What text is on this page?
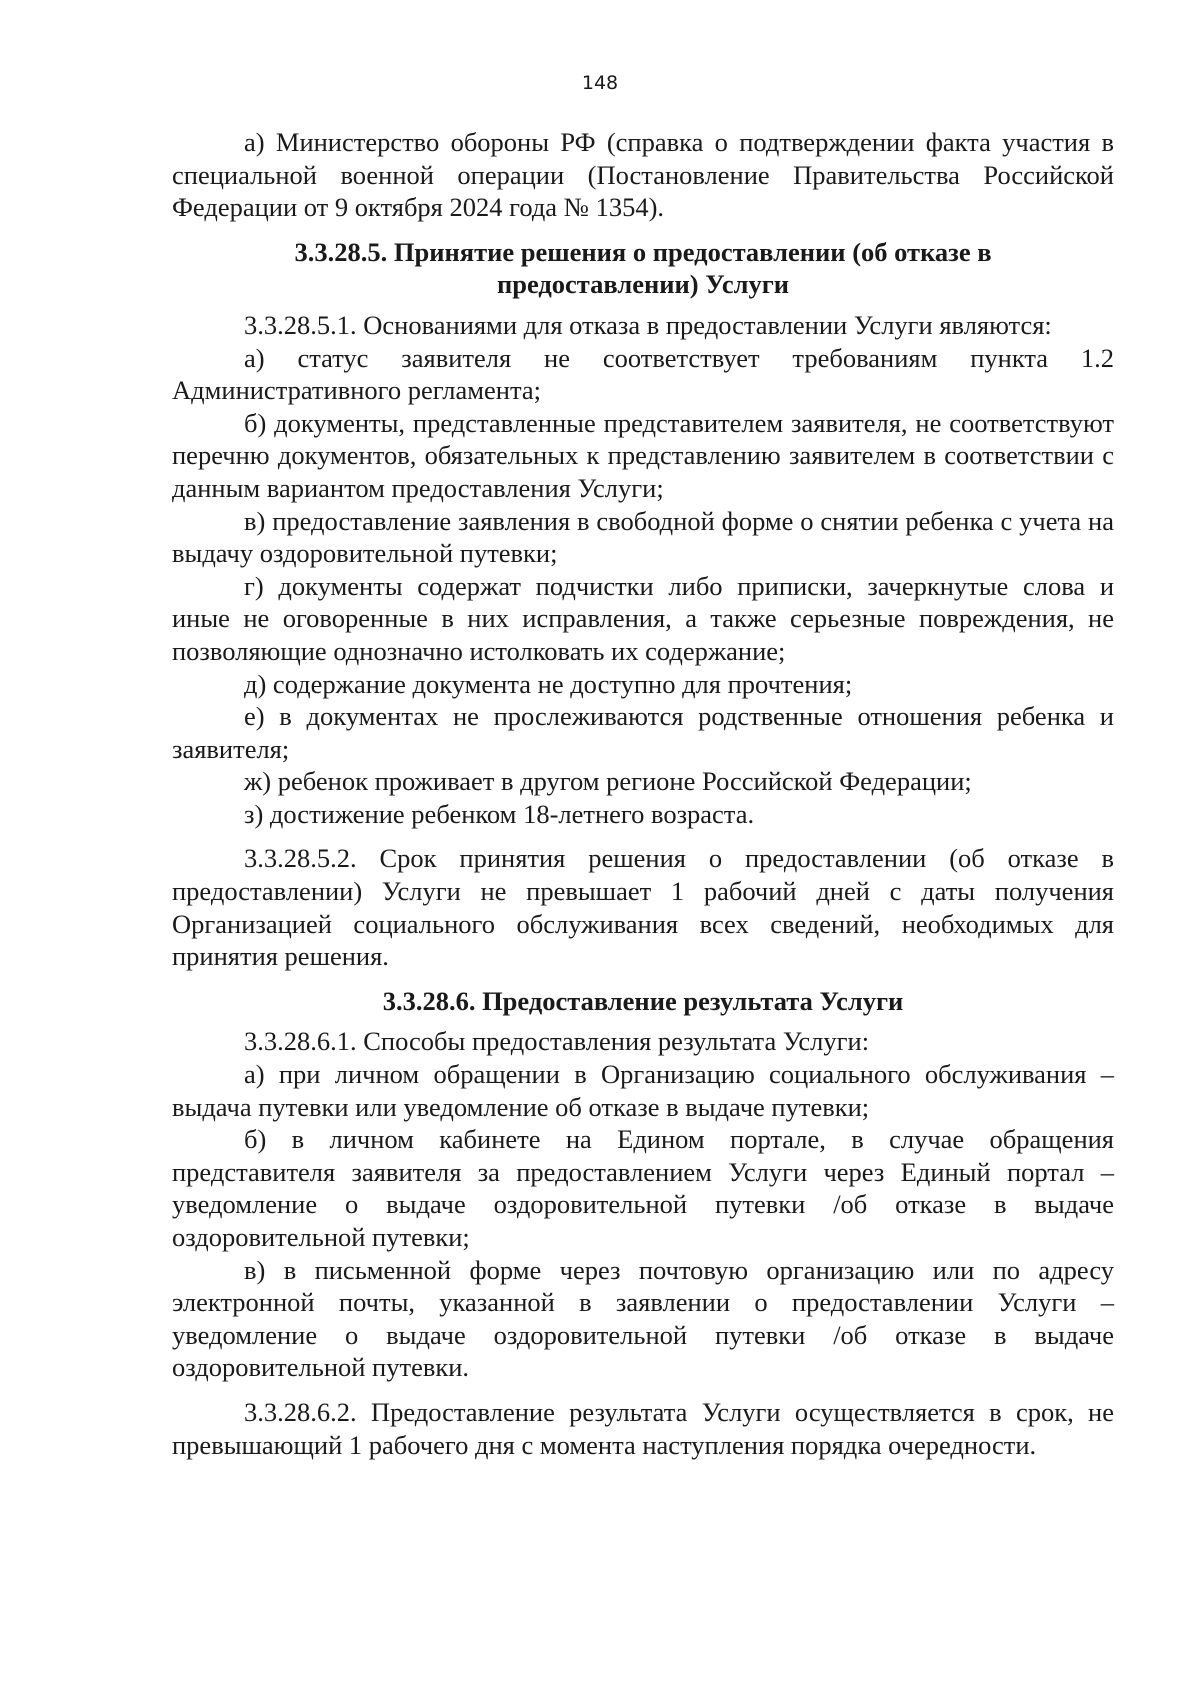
148

а) Министерство обороны РФ (справка о подтверждении факта участия в специальной военной операции (Постановление Правительства Российской Федерации от 9 октября 2024 года № 1354).

3.3.28.5. Принятие решения о предоставлении (об отказе в предоставлении) Услуги

3.3.28.5.1. Основаниями для отказа в предоставлении Услуги являются:

а) статус заявителя не соответствует требованиям пункта 1.2 Административного регламента;

б) документы, представленные представителем заявителя, не соответствуют перечню документов, обязательных к представлению заявителем в соответствии с данным вариантом предоставления Услуги;

в) предоставление заявления в свободной форме о снятии ребенка с учета на выдачу оздоровительной путевки;

г) документы содержат подчистки либо приписки, зачеркнутые слова и иные не оговоренные в них исправления, а также серьезные повреждения, не позволяющие однозначно истолковать их содержание;

д) содержание документа не доступно для прочтения;

е) в документах не прослеживаются родственные отношения ребенка и заявителя;

ж) ребенок проживает в другом регионе Российской Федерации;

з) достижение ребенком 18-летнего возраста.

3.3.28.5.2. Срок принятия решения о предоставлении (об отказе в предоставлении) Услуги не превышает 1 рабочий дней с даты получения Организацией социального обслуживания всех сведений, необходимых для принятия решения.

3.3.28.6. Предоставление результата Услуги

3.3.28.6.1. Способы предоставления результата Услуги:

а) при личном обращении в Организацию социального обслуживания – выдача путевки или уведомление об отказе в выдаче путевки;

б) в личном кабинете на Едином портале, в случае обращения представителя заявителя за предоставлением Услуги через Единый портал – уведомление о выдаче оздоровительной путевки /об отказе в выдаче оздоровительной путевки;

в) в письменной форме через почтовую организацию или по адресу электронной почты, указанной в заявлении о предоставлении Услуги – уведомление о выдаче оздоровительной путевки /об отказе в выдаче оздоровительной путевки.

3.3.28.6.2. Предоставление результата Услуги осуществляется в срок, не превышающий 1 рабочего дня с момента наступления порядка очередности.
